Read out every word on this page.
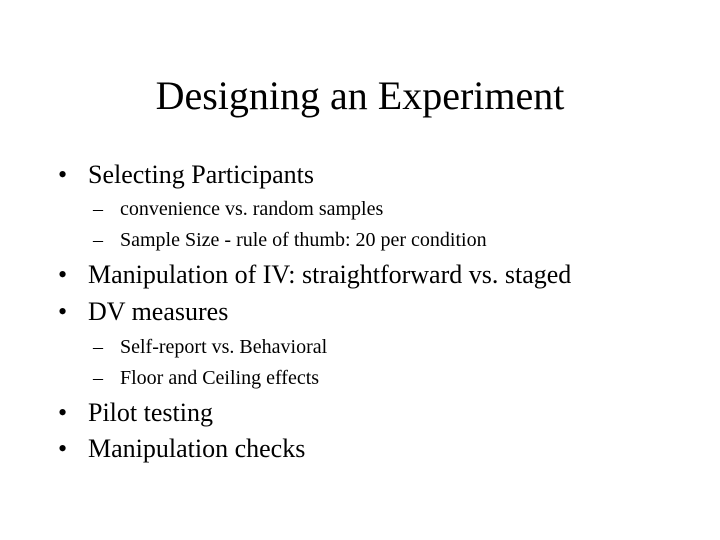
Designing an Experiment
• Selecting Participants
– convenience vs. random samples
– Sample Size - rule of thumb: 20 per condition
• Manipulation of IV: straightforward vs. staged
• DV measures
– Self-report vs. Behavioral
– Floor and Ceiling effects
• Pilot testing
• Manipulation checks
